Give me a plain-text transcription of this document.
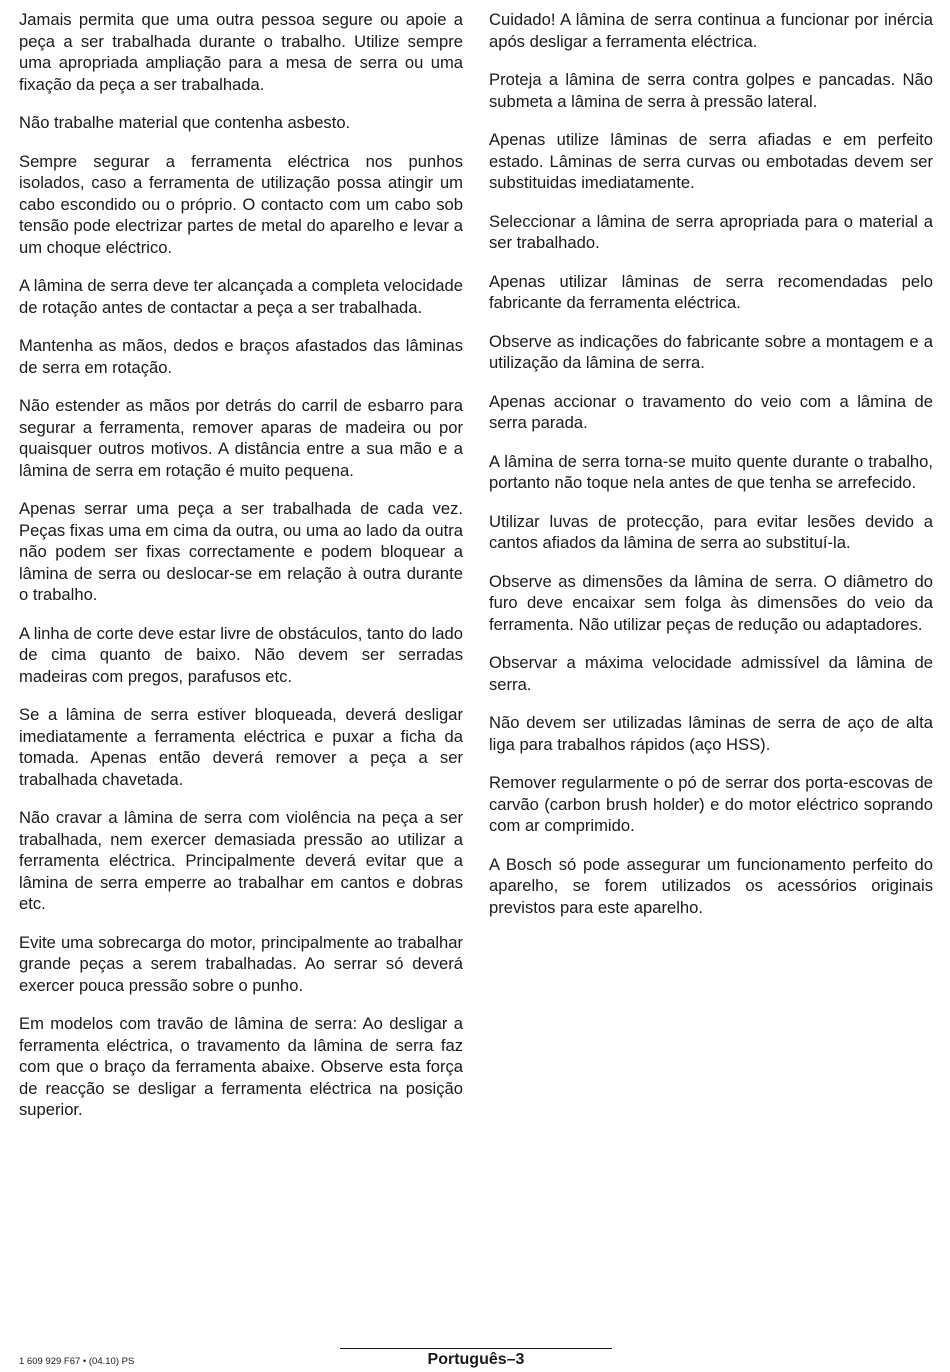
Jamais permita que uma outra pessoa segure ou apoie a peça a ser trabalhada durante o trabalho. Utilize sempre uma apropriada ampliação para a mesa de serra ou uma fixação da peça a ser trabalhada.

Não trabalhe material que contenha asbesto.

Sempre segurar a ferramenta eléctrica nos punhos isolados, caso a ferramenta de utilização possa atingir um cabo escondido ou o próprio. O contacto com um cabo sob tensão pode electrizar partes de metal do aparelho e levar a um choque eléctrico.

A lâmina de serra deve ter alcançada a completa velocidade de rotação antes de contactar a peça a ser trabalhada.

Mantenha as mãos, dedos e braços afastados das lâminas de serra em rotação.

Não estender as mãos por detrás do carril de esbarro para segurar a ferramenta, remover aparas de madeira ou por quaisquer outros motivos. A distância entre a sua mão e a lâmina de serra em rotação é muito pequena.

Apenas serrar uma peça a ser trabalhada de cada vez. Peças fixas uma em cima da outra, ou uma ao lado da outra não podem ser fixas correctamente e podem bloquear a lâmina de serra ou deslocar-se em relação à outra durante o trabalho.

A linha de corte deve estar livre de obstáculos, tanto do lado de cima quanto de baixo. Não devem ser serradas madeiras com pregos, parafusos etc.

Se a lâmina de serra estiver bloqueada, deverá desligar imediatamente a ferramenta eléctrica e puxar a ficha da tomada. Apenas então deverá remover a peça a ser trabalhada chavetada.

Não cravar a lâmina de serra com violência na peça a ser trabalhada, nem exercer demasiada pressão ao utilizar a ferramenta eléctrica. Principalmente deverá evitar que a lâmina de serra emperre ao trabalhar em cantos e dobras etc.

Evite uma sobrecarga do motor, principalmente ao trabalhar grande peças a serem trabalhadas. Ao serrar só deverá exercer pouca pressão sobre o punho.

Em modelos com travão de lâmina de serra: Ao desligar a ferramenta eléctrica, o travamento da lâmina de serra faz com que o braço da ferramenta abaixe. Observe esta força de reacção se desligar a ferramenta eléctrica na posição superior.

Cuidado! A lâmina de serra continua a funcionar por inércia após desligar a ferramenta eléctrica.

Proteja a lâmina de serra contra golpes e pancadas. Não submeta a lâmina de serra à pressão lateral.

Apenas utilize lâminas de serra afiadas e em perfeito estado. Lâminas de serra curvas ou embotadas devem ser substituidas imediatamente.

Seleccionar a lâmina de serra apropriada para o material a ser trabalhado.

Apenas utilizar lâminas de serra recomendadas pelo fabricante da ferramenta eléctrica.

Observe as indicações do fabricante sobre a montagem e a utilização da lâmina de serra.

Apenas accionar o travamento do veio com a lâmina de serra parada.

A lâmina de serra torna-se muito quente durante o trabalho, portanto não toque nela antes de que tenha se arrefecido.

Utilizar luvas de protecção, para evitar lesões devido a cantos afiados da lâmina de serra ao substituí-la.

Observe as dimensões da lâmina de serra. O diâmetro do furo deve encaixar sem folga às dimensões do veio da ferramenta. Não utilizar peças de redução ou adaptadores.

Observar a máxima velocidade admissível da lâmina de serra.

Não devem ser utilizadas lâminas de serra de aço de alta liga para trabalhos rápidos (aço HSS).

Remover regularmente o pó de serrar dos porta-escovas de carvão (carbon brush holder) e do motor eléctrico soprando com ar comprimido.

A Bosch só pode assegurar um funcionamento perfeito do aparelho, se forem utilizados os acessórios originais previstos para este aparelho.

1 609 929 F67 • (04.10) PS	Português–3
